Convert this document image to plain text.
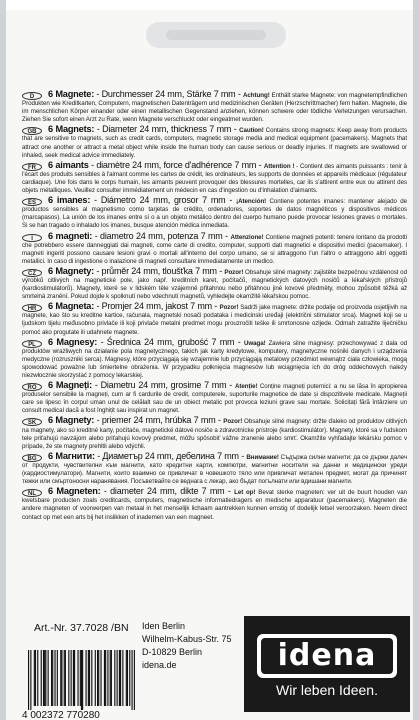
D 6 Magnete: - Durchmesser 24 mm, Stärke 7 mm - Achtung! Enthält starke Magnete: von magnetempfindlichen Produkten wie Kreditkarten, Computern, magnetischen Datenträgern und medizinischen Geräten (Herzschrittmacher) fern halten. Magnete, die im menschlichen Körper einander oder einen metallischen Gegenstand anziehen, können schwere oder tödliche Verletzungen verursachen. Ziehen Sie sofort einen Arzt zu Rate, wenn Magnete verschluckt oder eingeatmet wurden.
GB 6 Magnets: - Diameter 24 mm, thickness 7 mm - Caution! Contains strong magnets: Keep away from products that are sensitive to magnets, such as credit cards, computers, magnetic storage media and medical equipment (pacemakers). Magnets that attract one another or attract a metal object while inside the human body can cause serious or deadly injuries. If magnets are swallowed or inhaled, seek medical advice immediately.
FR 6 aimants - diamètre 24 mm, force d'adhérence 7 mm - Attention ! - Contient des aimants puissants : tenir à l'écart des produits sensibles à l'aimant comme les cartes de crédit, les ordinateurs, les supports de données et appareils médicaux (régulateur cardiaque). Une fois dans le corps humain, les aimants peuvent provoquer des blessures mortelles, car ils s'attirent entre eux ou attirent des objets métalliques. Veuillez consulter immédiatement un médecin en cas d'ingestion ou d'inhalation d'aimants.
ES 6 imanes: - Diámetro 24 mm, grosor 7 mm - ¡Atención! Contiene potentes imanes: mantener alejado de productos sensibles al magnetismo como tarjetas de crédito, ordenadores, soportes de datos magnéticos y dispositivos médicos (marcapasos). La unión de los imanes entre sí o a un objeto metálico dentro del cuerpo humano puede provocar lesiones graves o mortales. Si se han tragado o inhalado los imanes, busque atención médica inmediata.
I 6 magneti: - diametro 24 mm, potenza 7 mm - Attenzione! Contiene magneti potenti: tenere lontano da prodotti che potrebbero essere danneggiati dai magneti, come carte di credito, computer, supporti dati magnetici e dispositivi medici (pacemaker). I magneti ingeriti possono causare lesioni gravi o mortali all'interno del corpo umano, se si attraggono l'un l'altro o attraggono altri oggetti metallici. In caso di ingestione o inalazione di magneti consultare immediatamente un medico.
CZ 6 Magnety: - průměr 24 mm, tloušťka 7 mm - Pozor! Obsahuje silné magnety: zajistěte bezpečnou vzdálenost od výrobků citlivých na magnetické pole, jako např. kreditních karet, počítačů, magnetických datových nosičů a lékařských přístrojů (kardiostimulátorů). Magnety, které se v lidském těle vzájemně přitahnou nebo přitáhnou jiné kovové předměty, mohou způsobit těžká až smrtelná zranění. Pokud dojde k spolknutí nebo vdechnutí magnetů, vyhledejte okamžitě lékařskou pomoc.
HR 6 Magneta: - Promjer 24 mm, jakost 7 mm - Pozor! Sadrži jake magnete: držite podalje od proizvoda osjetljivih na magnete, kao što su kreditne kartice, računala, magnetski nosači podataka i medicinski uređaji (električni stimulator srca). Magneti koji se u ljudskom tijelu međusobno privlače ili koji privlače metalni predmet mogu prouzročiti teške ili smrtonosne ozljede. Odmah zatražite liječničku pomoć ako progutate ili udahnete magnete.
PL 6 Magnesy: - Średnica 24 mm, grubość 7 mm - Uwaga! Zawiera silne magnesy: przechowywać z dala od produktów wrażliwych na działanie pola magnetycznego, takich jak karty kredytowe, komputery, magnetyczne nośniki danych i urządzenia medyczne (rozruszniki serca). Magnesy, które przyciągają się wzajemnie lub przyciągają metalowy przedmiot wewnątrz ciała człowieka, mogą spowodować poważne lub śmiertelne obrażenia. W przypadku połknięcia magnesów lub wciągnięcia ich do dróg oddechowych należy niezwłocznie skorzystać z pomocy lekarskiej.
RO 6 Magneți: - Diametru 24 mm, grosime 7 mm - Atenție! Conține magneți puternici: a nu se lăsa în apropierea produselor sensibile la magneți, cum ar fi cardurile de credit, computerele, suporturile magnetice de date și dispozitivele medicale. Magneții care se lipesc în corpul uman unul de celălalt sau de un obiect metalic pot provoca leziuni grave sau mortale. Solicitați fără întârziere un consult medical dacă a fost înghițit sau inspirat un magnet.
SK 6 Magnety: - priemer 24 mm, hrúbka 7 mm - Pozor! Obsahuje silné magnety: držte ďaleko od produktov citlivých na magnety, ako sú kreditné karty, počítače, magnetické dátové nosiče a zdravotnícke prístroje (kardiostimulátor). Magnety, ktoré sa v ľudskom tele priťahujú navzájom alebo priťahujú kovový predmet, môžu spôsobiť vážne zranenie alebo smrť. Okamžite vyhľadajte lekársku pomoc v prípade, že ste magnety prehltli alebo vdýchli.
BG 6 Магнити: - Диаметър 24 mm, дебелина 7 mm - Внимание! Съдържа силни магнити: да се държи далеч от продукти, чувствителни към магнити, като кредитни карти, компютри, магнитни носители на данни и медицински уреди (кардиостимулатори). Магнити, които взаимно се привличат в човешкото тяло или привличат метален предмет, могат да причинят тежки или смъртоносни наранявания. Посъветвайте се веднага с лекар, ако бъдат погълнати или вдишани магнити.
NL 6 Magneten: - diameter 24 mm, dikte 7 mm - Let op! Bevat sterke magneten: ver uit de buurt houden van kwetsbare producten zoals creditcards, computers, magnetische informatiedragers en medische apparatuur (pacemakers). Magneten die andere magneten of voorwerpen van metaal in het menselijk lichaam aantrekken kunnen ernstig of dodelijk letsel veroorzaken. Neem direct contact op met een arts bij het inslikken of inademen van een magneet.
Art.-Nr. 37.7028 /BN Iden Berlin
Wilhelm-Kabus-Str. 75
D-10829 Berlin
idena.de
4 002372 770280
idena
Wir leben Ideen.
